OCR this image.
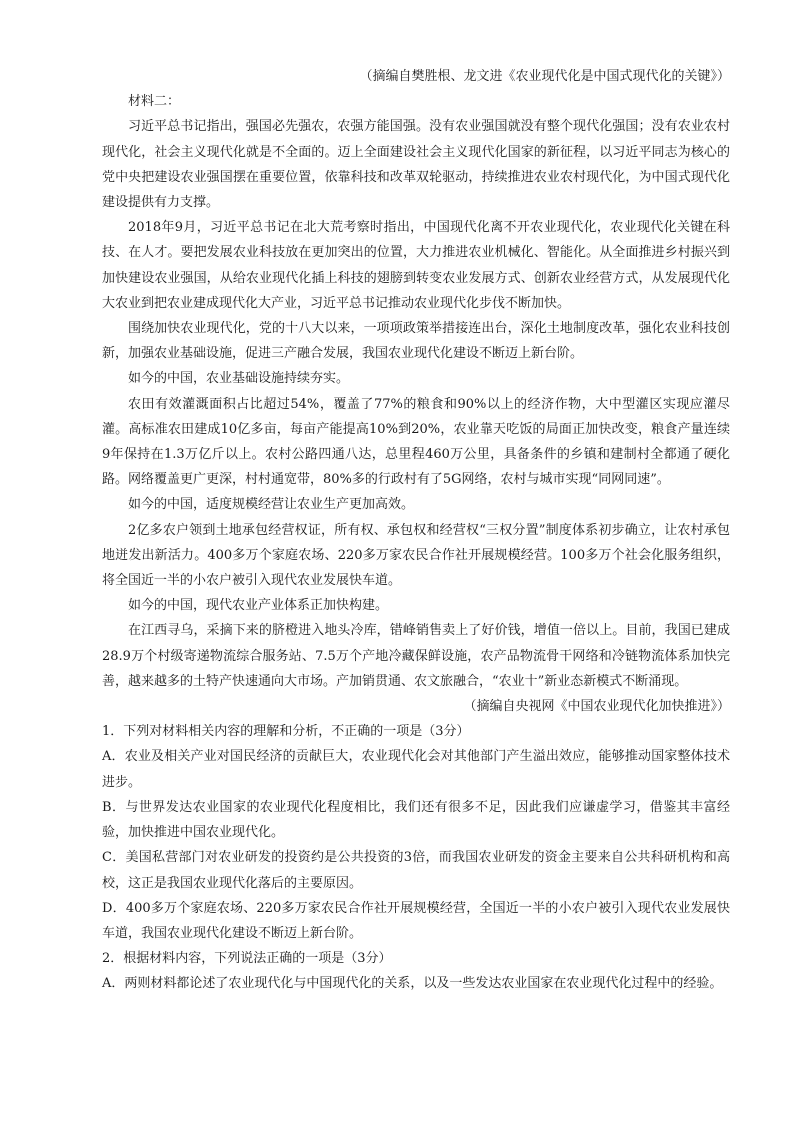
（摘编自樊胜根、龙文进《农业现代化是中国式现代化的关键》）

材料二：

习近平总书记指出，强国必先强农，农强方能国强。没有农业强国就没有整个现代化强国；没有农业农村现代化，社会主义现代化就是不全面的。迈上全面建设社会主义现代化国家的新征程，以习近平同志为核心的党中央把建设农业强国摆在重要位置，依靠科技和改革双轮驱动，持续推进农业农村现代化，为中国式现代化建设提供有力支撑。

2018年9月，习近平总书记在北大荒考察时指出，中国现代化离不开农业现代化，农业现代化关键在科技、在人才。要把发展农业科技放在更加突出的位置，大力推进农业机械化、智能化。从全面推进乡村振兴到加快建设农业强国，从给农业现代化插上科技的翅膀到转变农业发展方式、创新农业经营方式，从发展现代化大农业到把农业建成现代化大产业，习近平总书记推动农业现代化步伐不断加快。

围绕加快农业现代化，党的十八大以来，一项项政策举措接连出台，深化土地制度改革，强化农业科技创新，加强农业基础设施，促进三产融合发展，我国农业现代化建设不断迈上新台阶。

如今的中国，农业基础设施持续夯实。

农田有效灌溉面积占比超过54%，覆盖了77%的粮食和90%以上的经济作物，大中型灌区实现应灌尽灌。高标准农田建成10亿多亩，每亩产能提高10%到20%，农业靠天吃饭的局面正加快改变，粮食产量连续9年保持在1.3万亿斤以上。农村公路四通八达，总里程460万公里，具备条件的乡镇和建制村全都通了硬化路。网络覆盖更广更深，村村通宽带，80%多的行政村有了5G网络，农村与城市实现“同网同速”。

如今的中国，适度规模经营让农业生产更加高效。

2亿多农户领到土地承包经营权证，所有权、承包权和经营权“三权分置”制度体系初步确立，让农村承包地迸发出新活力。400多万个家庭农场、220多万家农民合作社开展规模经营。100多万个社会化服务组织，将全国近一半的小农户被引入现代农业发展快车道。

如今的中国，现代农业产业体系正加快构建。

在江西寻乌，采摘下来的脐橙进入地头冷库，错峰销售卖上了好价钱，增值一倍以上。目前，我国已建成28.9万个村级寄递物流综合服务站、7.5万个产地冷藏保鲜设施，农产品物流骨干网络和冷链物流体系加快完善，越来越多的土特产快速通向大市场。产加销贯通、农文旅融合，“农业十”新业态新模式不断涌现。

（摘编自央视网《中国农业现代化加快推进》）

1．下列对材料相关内容的理解和分析，不正确的一项是（3分）

A．农业及相关产业对国民经济的贡献巨大，农业现代化会对其他部门产生溢出效应，能够推动国家整体技术进步。

B．与世界发达农业国家的农业现代化程度相比，我们还有很多不足，因此我们应谦虚学习，借鉴其丰富经验，加快推进中国农业现代化。

C．美国私营部门对农业研发的投资约是公共投资的3倍，而我国农业研发的资金主要来自公共科研机构和高校，这正是我国农业现代化落后的主要原因。

D．400多万个家庭农场、220多万家农民合作社开展规模经营，全国近一半的小农户被引入现代农业发展快车道，我国农业现代化建设不断迈上新台阶。

2．根据材料内容，下列说法正确的一项是（3分）

A．两则材料都论述了农业现代化与中国现代化的关系，以及一些发达农业国家在农业现代化过程中的经验。
